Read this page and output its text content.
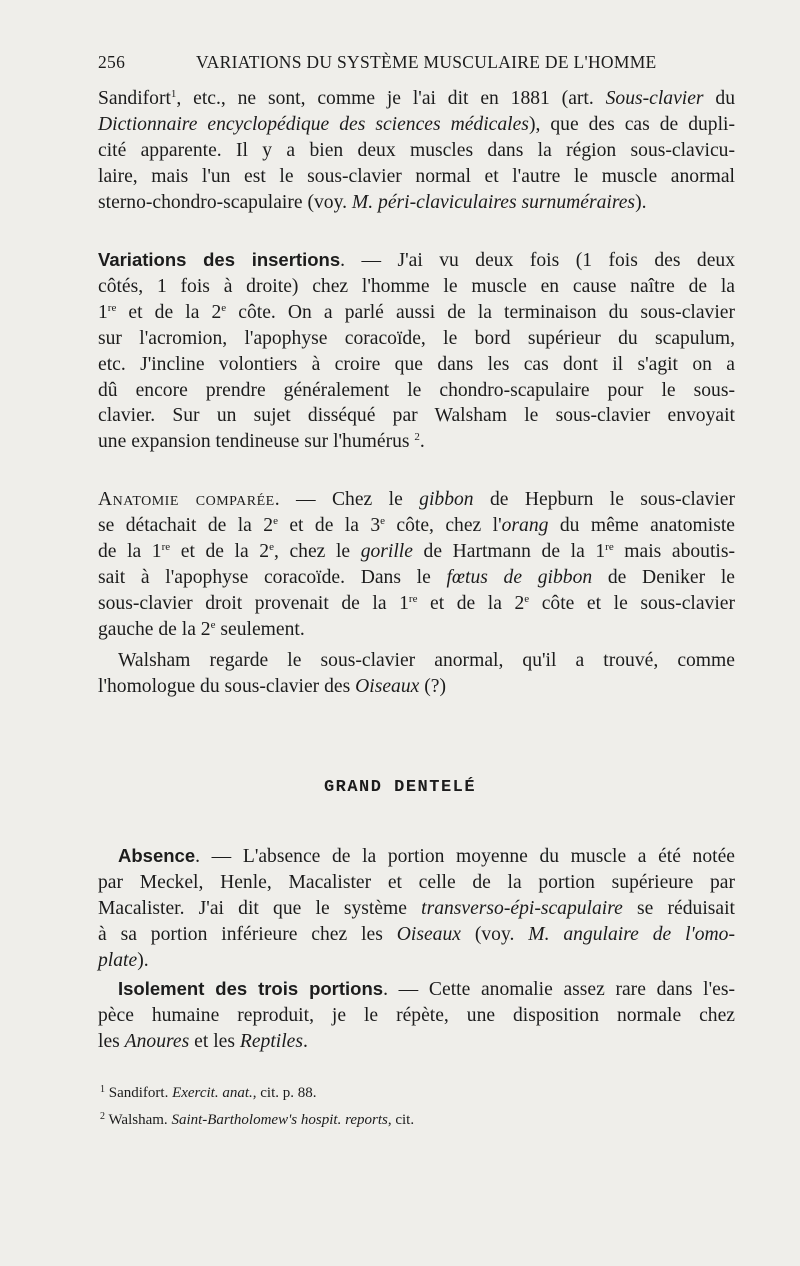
256	VARIATIONS DU SYSTÈME MUSCULAIRE DE L'HOMME
Sandifort$^1$, etc., ne sont, comme je l'ai dit en 1881 (art. Sous-clavier du
Dictionnaire encyclopédique des sciences médicales), que des cas de dupli-
cité apparente. Il y a bien deux muscles dans la région sous-clavicu-
laire, mais l'un est le sous-clavier normal et l'autre le muscle anormal
sterno-chondro-scapulaire (voy. M. péri-claviculaires surnuméraires).
Variations des insertions. — J'ai vu deux fois (1 fois des deux
côtés, 1 fois à droite) chez l'homme le muscle en cause naître de la
1re et de la 2e côte. On a parlé aussi de la terminaison du sous-clavier
sur l'acromion, l'apophyse coracoïde, le bord supérieur du scapulum,
etc. J'incline volontiers à croire que dans les cas dont il s'agit on a
dû encore prendre généralement le chondro-scapulaire pour le sous-
clavier. Sur un sujet disséqué par Walsham le sous-clavier envoyait
une expansion tendineuse sur l'humérus $^2$.
Anatomie comparée. — Chez le gibbon de Hepburn le sous-clavier
se détachait de la 2e et de la 3e côte, chez l'orang du même anatomiste
de la 1re et de la 2e, chez le gorille de Hartmann de la 1re mais aboutis-
sait à l'apophyse coracoïde. Dans le fœtus de gibbon de Deniker le
sous-clavier droit provenait de la 1re et de la 2e côte et le sous-clavier
gauche de la 2e seulement.
Walsham regarde le sous-clavier anormal, qu'il a trouvé, comme
l'homologue du sous-clavier des Oiseaux (?)
GRAND DENTELÉ
Absence. — L'absence de la portion moyenne du muscle a été notée
par Meckel, Henle, Macalister et celle de la portion supérieure par
Macalister. J'ai dit que le système transverso-épi-scapulaire se réduisait
à sa portion inférieure chez les Oiseaux (voy. M. angulaire de l'omo-
plate).
Isolement des trois portions. — Cette anomalie assez rare dans l'es-
pèce humaine reproduit, je le répète, une disposition normale chez
les Anoures et les Reptiles.
$^1$ Sandifort. Exercit. anat., cit. p. 88.
$^2$ Walsham. Saint-Bartholomew's hospit. reports, cit.
